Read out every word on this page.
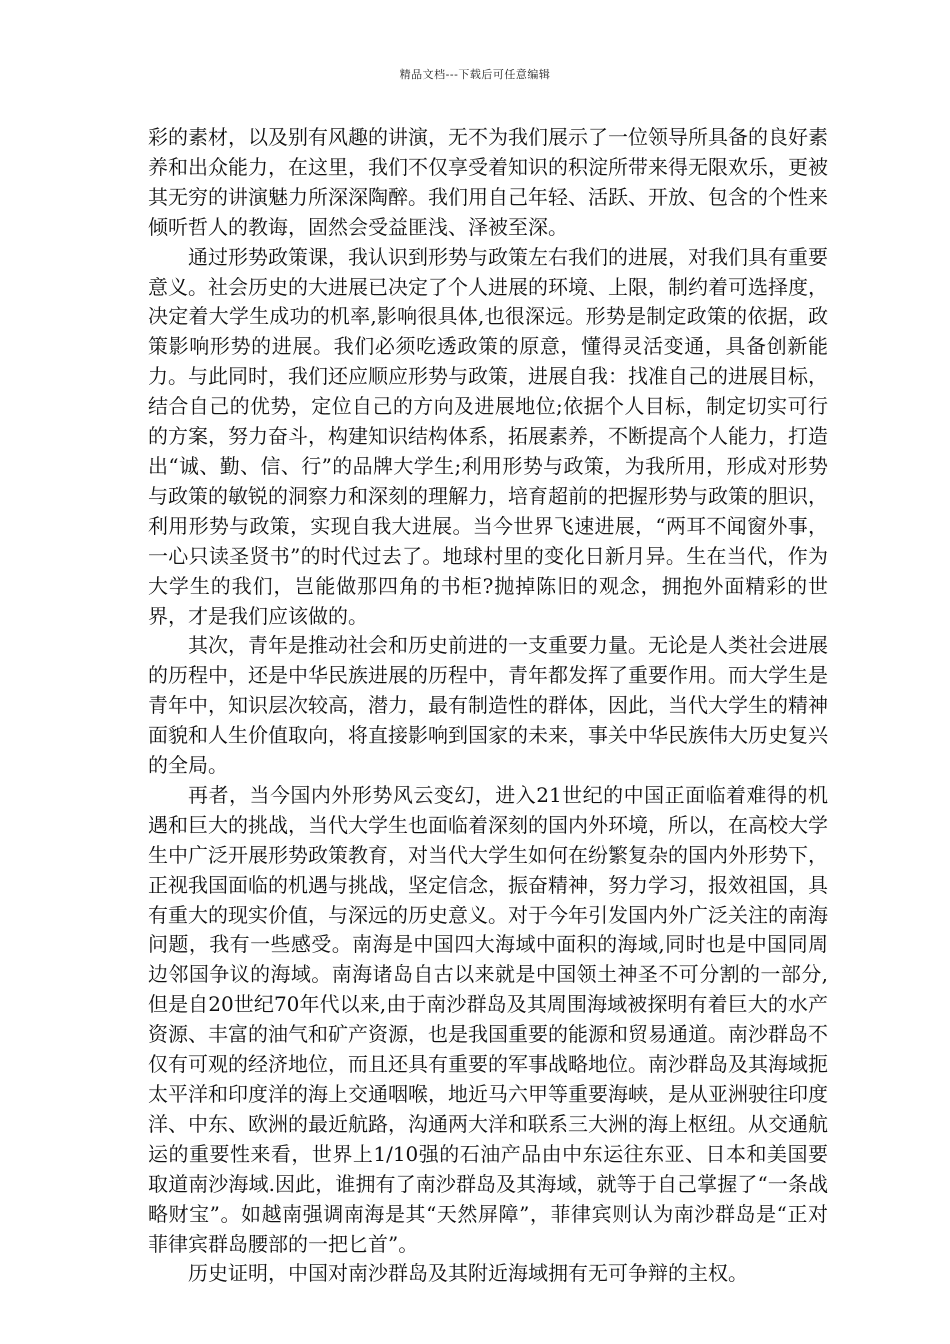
精品文档---下载后可任意编辑

彩的素材，以及别有风趣的讲演，无不为我们展示了一位领导所具备的良好素养和出众能力，在这里，我们不仅享受着知识的积淀所带来得无限欢乐，更被其无穷的讲演魅力所深深陶醉。我们用自己年轻、活跃、开放、包含的个性来倾听哲人的教诲，固然会受益匪浅、泽被至深。

通过形势政策课，我认识到形势与政策左右我们的进展，对我们具有重要意义。社会历史的大进展已决定了个人进展的环境、上限，制约着可选择度，决定着大学生成功的机率,影响很具体,也很深远。形势是制定政策的依据，政策影响形势的进展。我们必须吃透政策的原意，懂得灵活变通，具备创新能力。与此同时，我们还应顺应形势与政策，进展自我：找准自己的进展目标，结合自己的优势，定位自己的方向及进展地位;依据个人目标，制定切实可行的方案，努力奋斗，构建知识结构体系，拓展素养，不断提高个人能力，打造出“诚、勤、信、行”的品牌大学生;利用形势与政策，为我所用，形成对形势与政策的敏锐的洞察力和深刻的理解力，培育超前的把握形势与政策的胆识，利用形势与政策，实现自我大进展。当今世界飞速进展，“两耳不闻窗外事，一心只读圣贤书”的时代过去了。地球村里的变化日新月异。生在当代，作为大学生的我们，岂能做那四角的书柜?抛掉陈旧的观念，拥抱外面精彩的世界，才是我们应该做的。

其次，青年是推动社会和历史前进的一支重要力量。无论是人类社会进展的历程中，还是中华民族进展的历程中，青年都发挥了重要作用。而大学生是青年中，知识层次较高，潜力，最有制造性的群体，因此，当代大学生的精神面貌和人生价值取向，将直接影响到国家的未来，事关中华民族伟大历史复兴的全局。

再者，当今国内外形势风云变幻，进入21世纪的中国正面临着难得的机遇和巨大的挑战，当代大学生也面临着深刻的国内外环境，所以，在高校大学生中广泛开展形势政策教育，对当代大学生如何在纷繁复杂的国内外形势下，正视我国面临的机遇与挑战，坚定信念，振奋精神，努力学习，报效祖国，具有重大的现实价值，与深远的历史意义。对于今年引发国内外广泛关注的南海问题，我有一些感受。南海是中国四大海域中面积的海域,同时也是中国同周边邻国争议的海域。南海诸岛自古以来就是中国领土神圣不可分割的一部分,但是自20世纪70年代以来,由于南沙群岛及其周围海域被探明有着巨大的水产资源、丰富的油气和矿产资源，也是我国重要的能源和贸易通道。南沙群岛不仅有可观的经济地位，而且还具有重要的军事战略地位。南沙群岛及其海域扼太平洋和印度洋的海上交通咽喉，地近马六甲等重要海峡，是从亚洲驶往印度洋、中东、欧洲的最近航路，沟通两大洋和联系三大洲的海上枢纽。从交通航运的重要性来看，世界上1/10强的石油产品由中东运往东亚、日本和美国要取道南沙海域.因此，谁拥有了南沙群岛及其海域，就等于自己掌握了“一条战略财宝”。如越南强调南海是其“天然屏障”，菲律宾则认为南沙群岛是“正对菲律宾群岛腰部的一把匕首”。

历史证明，中国对南沙群岛及其附近海域拥有无可争辩的主权。
